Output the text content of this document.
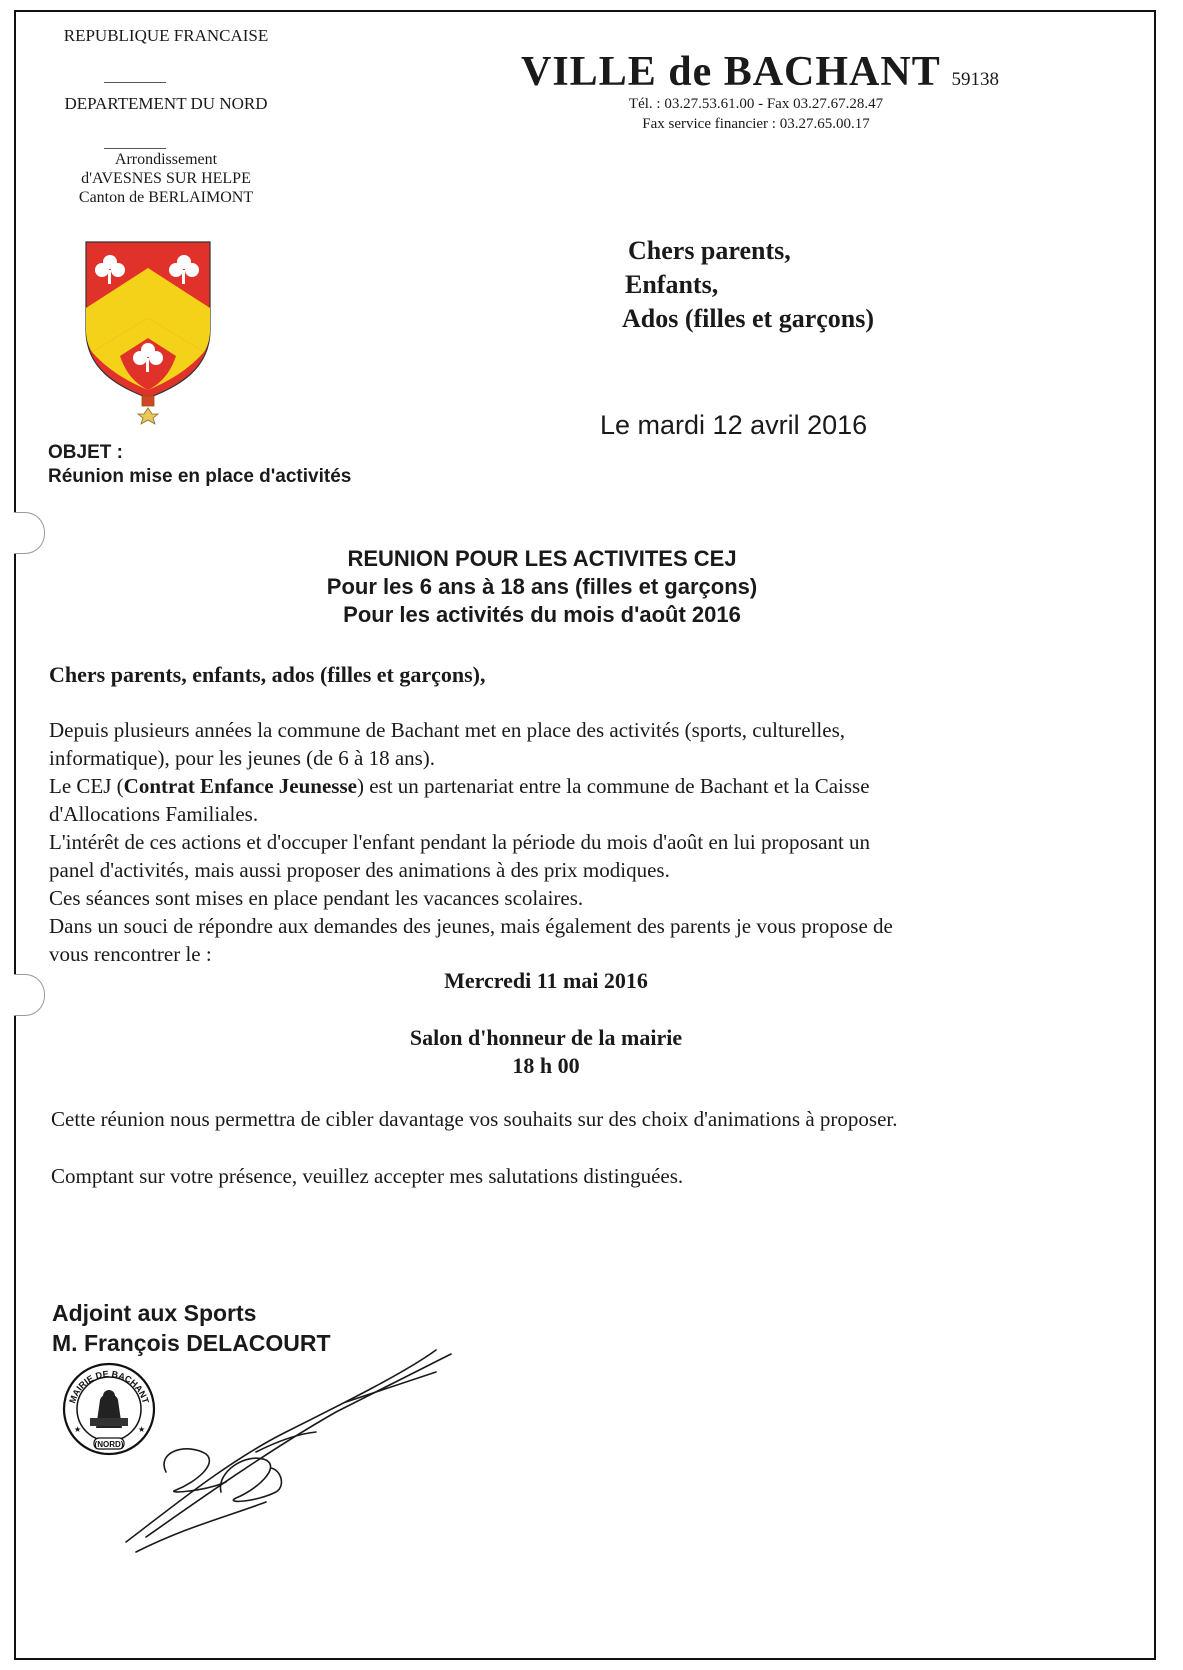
REPUBLIQUE FRANCAISE
DEPARTEMENT DU NORD
Arrondissement
d'AVESNES SUR HELPE
Canton de BERLAIMONT
VILLE de BACHANT 59138
Tél. : 03.27.53.61.00 - Fax 03.27.67.28.47
Fax service financier : 03.27.65.00.17
Chers parents,
Enfants,
Ados (filles et garçons)
Le mardi 12 avril 2016
OBJET :
Réunion mise en place d'activités
REUNION POUR LES ACTIVITES CEJ
Pour les 6 ans à 18 ans (filles et garçons)
Pour les activités du mois d'août 2016
Chers parents, enfants, ados (filles et garçons),

Depuis plusieurs années la commune de Bachant met en place des activités (sports, culturelles,

informatique), pour les jeunes (de 6 à 18 ans).

Le CEJ (Contrat Enfance Jeunesse) est un partenariat entre la commune de Bachant et la Caisse

d'Allocations Familiales.

L'intérêt de ces actions et d'occuper l'enfant pendant la période du mois d'août en lui proposant un

panel d'activités, mais aussi proposer des animations à des prix modiques.

Ces séances sont mises en place pendant les vacances scolaires.

Dans un souci de répondre aux demandes des jeunes, mais également des parents je vous propose de

vous rencontrer le :

Mercredi 11 mai 2016
Salon d'honneur de la mairie
18 h 00
Cette réunion nous permettra de cibler davantage vos souhaits sur des choix d'animations à proposer.
Comptant sur votre présence, veuillez accepter mes salutations distinguées.
Adjoint aux Sports
M. François DELACOURT
MAIRIE DE BACHANT
(NORD)
★	★
